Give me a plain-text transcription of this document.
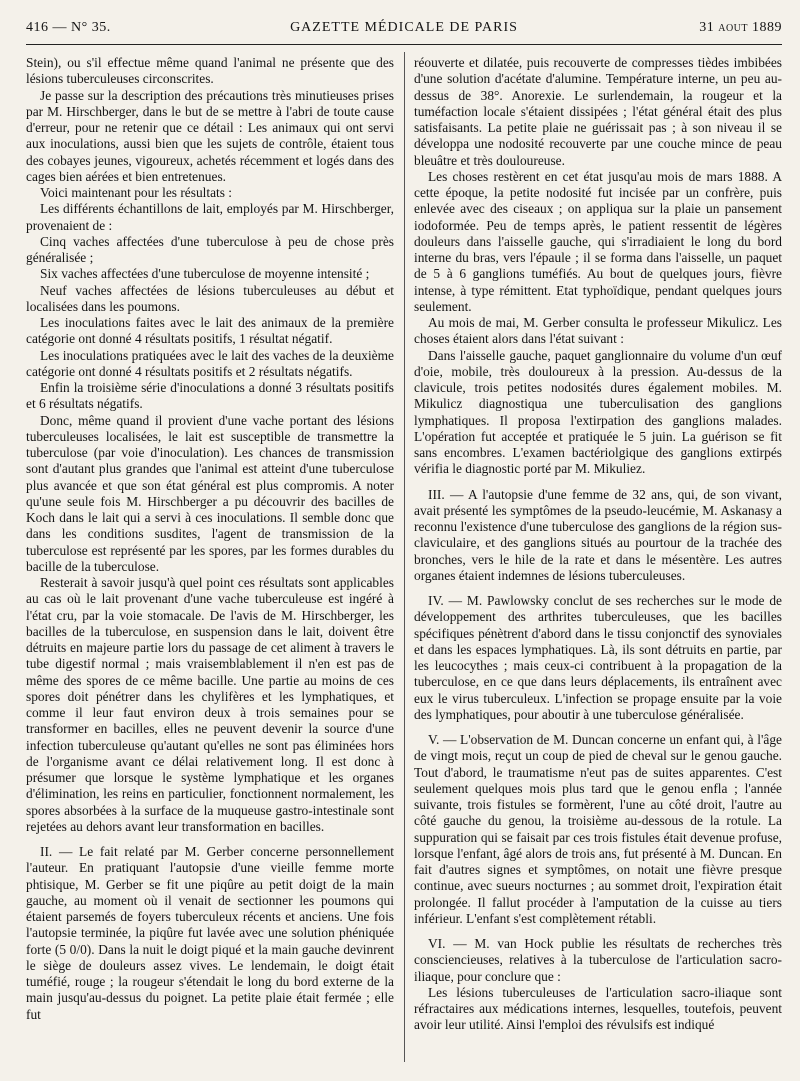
416 — N° 35.	GAZETTE MÉDICALE DE PARIS	31 AOUT 1889

Stein), ou s'il effectue même quand l'animal ne présente que des lésions tuberculeuses circonscrites.

Je passe sur la description des précautions très minutieuses prises par M. Hirschberger, dans le but de se mettre à l'abri de toute cause d'erreur, pour ne retenir que ce détail : Les animaux qui ont servi aux inoculations, aussi bien que les sujets de contrôle, étaient tous des cobayes jeunes, vigoureux, achetés récemment et logés dans des cages bien aérées et bien entretenues.

Voici maintenant pour les résultats :

Les différents échantillons de lait, employés par M. Hirschberger, provenaient de :

Cinq vaches affectées d'une tuberculose à peu de chose près généralisée ;

Six vaches affectées d'une tuberculose de moyenne intensité ;

Neuf vaches affectées de lésions tuberculeuses au début et localisées dans les poumons.

Les inoculations faites avec le lait des animaux de la première catégorie ont donné 4 résultats positifs, 1 résultat négatif.

Les inoculations pratiquées avec le lait des vaches de la deuxième catégorie ont donné 4 résultats positifs et 2 résultats négatifs.

Enfin la troisième série d'inoculations a donné 3 résultats positifs et 6 résultats négatifs.

Donc, même quand il provient d'une vache portant des lésions tuberculeuses localisées, le lait est susceptible de transmettre la tuberculose (par voie d'inoculation). Les chances de transmission sont d'autant plus grandes que l'animal est atteint d'une tuberculose plus avancée et que son état général est plus compromis. A noter qu'une seule fois M. Hirschberger a pu découvrir des bacilles de Koch dans le lait qui a servi à ces inoculations. Il semble donc que dans les conditions susdites, l'agent de transmission de la tuberculose est représenté par les spores, par les formes durables du bacille de la tuberculose.

Resterait à savoir jusqu'à quel point ces résultats sont applicables au cas où le lait provenant d'une vache tuberculeuse est ingéré à l'état cru, par la voie stomacale. De l'avis de M. Hirschberger, les bacilles de la tuberculose, en suspension dans le lait, doivent être détruits en majeure partie lors du passage de cet aliment à travers le tube digestif normal ; mais vraisemblablement il n'en est pas de même des spores de ce même bacille. Une partie au moins de ces spores doit pénétrer dans les chylifères et les lymphatiques, et comme il leur faut environ deux à trois semaines pour se transformer en bacilles, elles ne peuvent devenir la source d'une infection tuberculeuse qu'autant qu'elles ne sont pas éliminées hors de l'organisme avant ce délai relativement long. Il est donc à présumer que lorsque le système lymphatique et les organes d'élimination, les reins en particulier, fonctionnent normalement, les spores absorbées à la surface de la muqueuse gastro-intestinale sont rejetées au dehors avant leur transformation en bacilles.

II. — Le fait relaté par M. Gerber concerne personnellement l'auteur. En pratiquant l'autopsie d'une vieille femme morte phtisique, M. Gerber se fit une piqûre au petit doigt de la main gauche, au moment où il venait de sectionner les poumons qui étaient parsemés de foyers tuberculeux récents et anciens. Une fois l'autopsie terminée, la piqûre fut lavée avec une solution phéniquée forte (5 0/0). Dans la nuit le doigt piqué et la main gauche devinrent le siège de douleurs assez vives. Le lendemain, le doigt était tuméfié, rouge ; la rougeur s'étendait le long du bord externe de la main jusqu'au-dessus du poignet. La petite plaie était fermée ; elle fut

réouverte et dilatée, puis recouverte de compresses tièdes imbibées d'une solution d'acétate d'alumine. Température interne, un peu au-dessus de 38°. Anorexie. Le surlendemain, la rougeur et la tuméfaction locale s'étaient dissipées ; l'état général était des plus satisfaisants. La petite plaie ne guérissait pas ; à son niveau il se développa une nodosité recouverte par une couche mince de peau bleuâtre et très douloureuse.

Les choses restèrent en cet état jusqu'au mois de mars 1888. A cette époque, la petite nodosité fut incisée par un confrère, puis enlevée avec des ciseaux ; on appliqua sur la plaie un pansement iodoformée. Peu de temps après, le patient ressentit de légères douleurs dans l'aisselle gauche, qui s'irradiaient le long du bord interne du bras, vers l'épaule ; il se forma dans l'aisselle, un paquet de 5 à 6 ganglions tuméfiés. Au bout de quelques jours, fièvre intense, à type rémittent. Etat typhoïdique, pendant quelques jours seulement.

Au mois de mai, M. Gerber consulta le professeur Mikulicz. Les choses étaient alors dans l'état suivant :

Dans l'aisselle gauche, paquet ganglionnaire du volume d'un œuf d'oie, mobile, très douloureux à la pression. Au-dessus de la clavicule, trois petites nodosités dures également mobiles. M. Mikulicz diagnostiqua une tuberculisation des ganglions lymphatiques. Il proposa l'extirpation des ganglions malades. L'opération fut acceptée et pratiquée le 5 juin. La guérison se fit sans encombres. L'examen bactériolgique des ganglions extirpés vérifia le diagnostic porté par M. Mikuliez.

III. — A l'autopsie d'une femme de 32 ans, qui, de son vivant, avait présenté les symptômes de la pseudo-leucémie, M. Askanasy a reconnu l'existence d'une tuberculose des ganglions de la région sus-claviculaire, et des ganglions situés au pourtour de la trachée des bronches, vers le hile de la rate et dans le mésentère. Les autres organes étaient indemnes de lésions tuberculeuses.

IV. — M. Pawlowsky conclut de ses recherches sur le mode de développement des arthrites tuberculeuses, que les bacilles spécifiques pénètrent d'abord dans le tissu conjonctif des synoviales et dans les espaces lymphatiques. Là, ils sont détruits en partie, par les leucocythes ; mais ceux-ci contribuent à la propagation de la tuberculose, en ce que dans leurs déplacements, ils entraînent avec eux le virus tuberculeux. L'infection se propage ensuite par la voie des lymphatiques, pour aboutir à une tuberculose généralisée.

V. — L'observation de M. Duncan concerne un enfant qui, à l'âge de vingt mois, reçut un coup de pied de cheval sur le genou gauche. Tout d'abord, le traumatisme n'eut pas de suites apparentes. C'est seulement quelques mois plus tard que le genou enfla ; l'année suivante, trois fistules se formèrent, l'une au côté droit, l'autre au côté gauche du genou, la troisième au-dessous de la rotule. La suppuration qui se faisait par ces trois fistules était devenue profuse, lorsque l'enfant, âgé alors de trois ans, fut présenté à M. Duncan. En fait d'autres signes et symptômes, on notait une fièvre presque continue, avec sueurs nocturnes ; au sommet droit, l'expiration était prolongée. Il fallut procéder à l'amputation de la cuisse au tiers inférieur. L'enfant s'est complètement rétabli.

VI. — M. van Hock publie les résultats de recherches très consciencieuses, relatives à la tuberculose de l'articulation sacro-iliaque, pour conclure que :

Les lésions tuberculeuses de l'articulation sacro-iliaque sont réfractaires aux médications internes, lesquelles, toutefois, peuvent avoir leur utilité. Ainsi l'emploi des révulsifs est indiqué
